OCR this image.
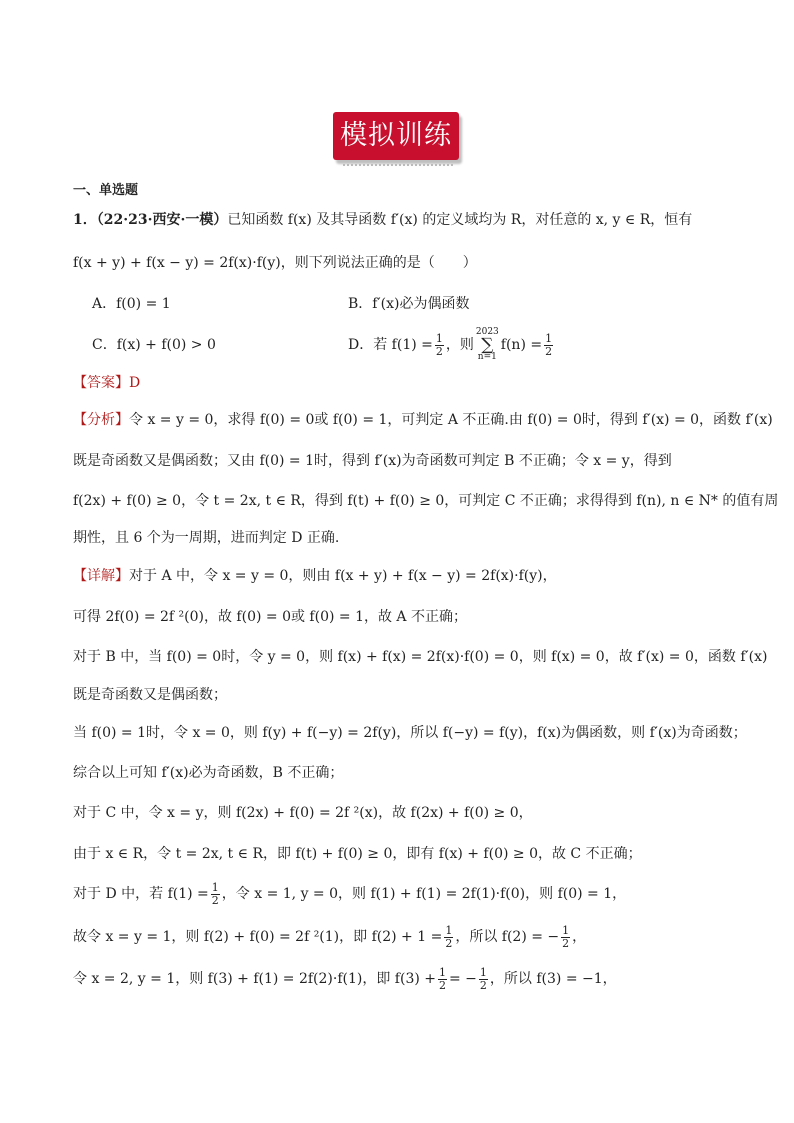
模拟训练
一、单选题
1．（22·23·西安·一模）已知函数 f(x) 及其导函数 f′(x) 的定义域均为 R，对任意的 x, y ∈ R，恒有
f(x + y) + f(x − y) = 2f(x)·f(y)，则下列说法正确的是（　　）
A．f(0) = 1	B．f′(x)必为偶函数
C．f(x) + f(0) > 0	D．若 $f(1) = \frac{1}{2}$ ，则2023
∑
$n=1f(n) = \frac{1}{2}$
【答案】D
【分析】令 x = y = 0，求得 f(0) = 0或 f(0) = 1，可判定 A 不正确.由 f(0) = 0时，得到 f′(x) = 0，函数 f′(x)
既是奇函数又是偶函数；又由 f(0) = 1时，得到 f′(x)为奇函数可判定 B 不正确；令 x = y，得到
f(2x) + f(0) ≥ 0，令 t = 2x, t ∈ R，得到 f(t) + f(0) ≥ 0，可判定 C 不正确；求得得到 f(n), n ∈ N* 的值有周
期性，且 6 个为一周期，进而判定 D 正确.
【详解】对于 A 中，令 x = y = 0，则由 f(x + y) + f(x − y) = 2f(x)·f(y)，
可得 2f(0) = 2f ²(0)，故 f(0) = 0或 f(0) = 1，故 A 不正确；
对于 B 中，当 f(0) = 0时，令 y = 0，则 f(x) + f(x) = 2f(x)·f(0) = 0，则 f(x) = 0，故 f′(x) = 0，函数 f′(x)
既是奇函数又是偶函数；
当 f(0) = 1时，令 x = 0，则 f(y) + f(−y) = 2f(y)，所以 f(−y) = f(y)，f(x)为偶函数，则 f′(x)为奇函数；
综合以上可知 f′(x)必为奇函数，B 不正确；
对于 C 中，令 x = y，则 f(2x) + f(0) = 2f ²(x)，故 f(2x) + f(0) ≥ 0，
由于 x ∈ R，令 t = 2x, t ∈ R，即 f(t) + f(0) ≥ 0，即有 f(x) + f(0) ≥ 0，故 C 不正确；
对于 D 中，若 $f(1) = \frac{1}{2}$ ，令 x = 1, y = 0，则 f(1) + f(1) = 2f(1)·f(0)，则 f(0) = 1，
故令 x = y = 1，则 f(2) + f(0) = 2f ²(1)，即 $f(2) + 1 = \frac{1}{2}$ ，所以 f(2) = − $\frac{1}{2}$ ，
令 x = 2, y = 1，则 f(3) + f(1) = 2f(2)·f(1)，即 $f(3) + \frac{1}{2}$ = − $\frac{1}{2}$ ，所以 f(3) = −1，
